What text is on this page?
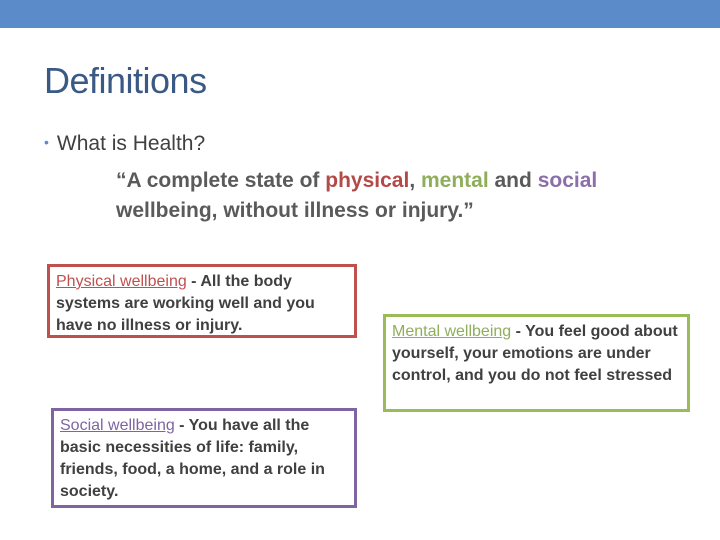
Definitions
• What is Health?
“A complete state of physical, mental and social wellbeing, without illness or injury.”
Physical wellbeing - All the body systems are working well and you have no illness or injury.	Mental wellbeing - You feel good about yourself, your emotions are under control, and you do not feel stressed
Social wellbeing - You have all the basic necessities of life: family, friends, food, a home, and a role in society.
